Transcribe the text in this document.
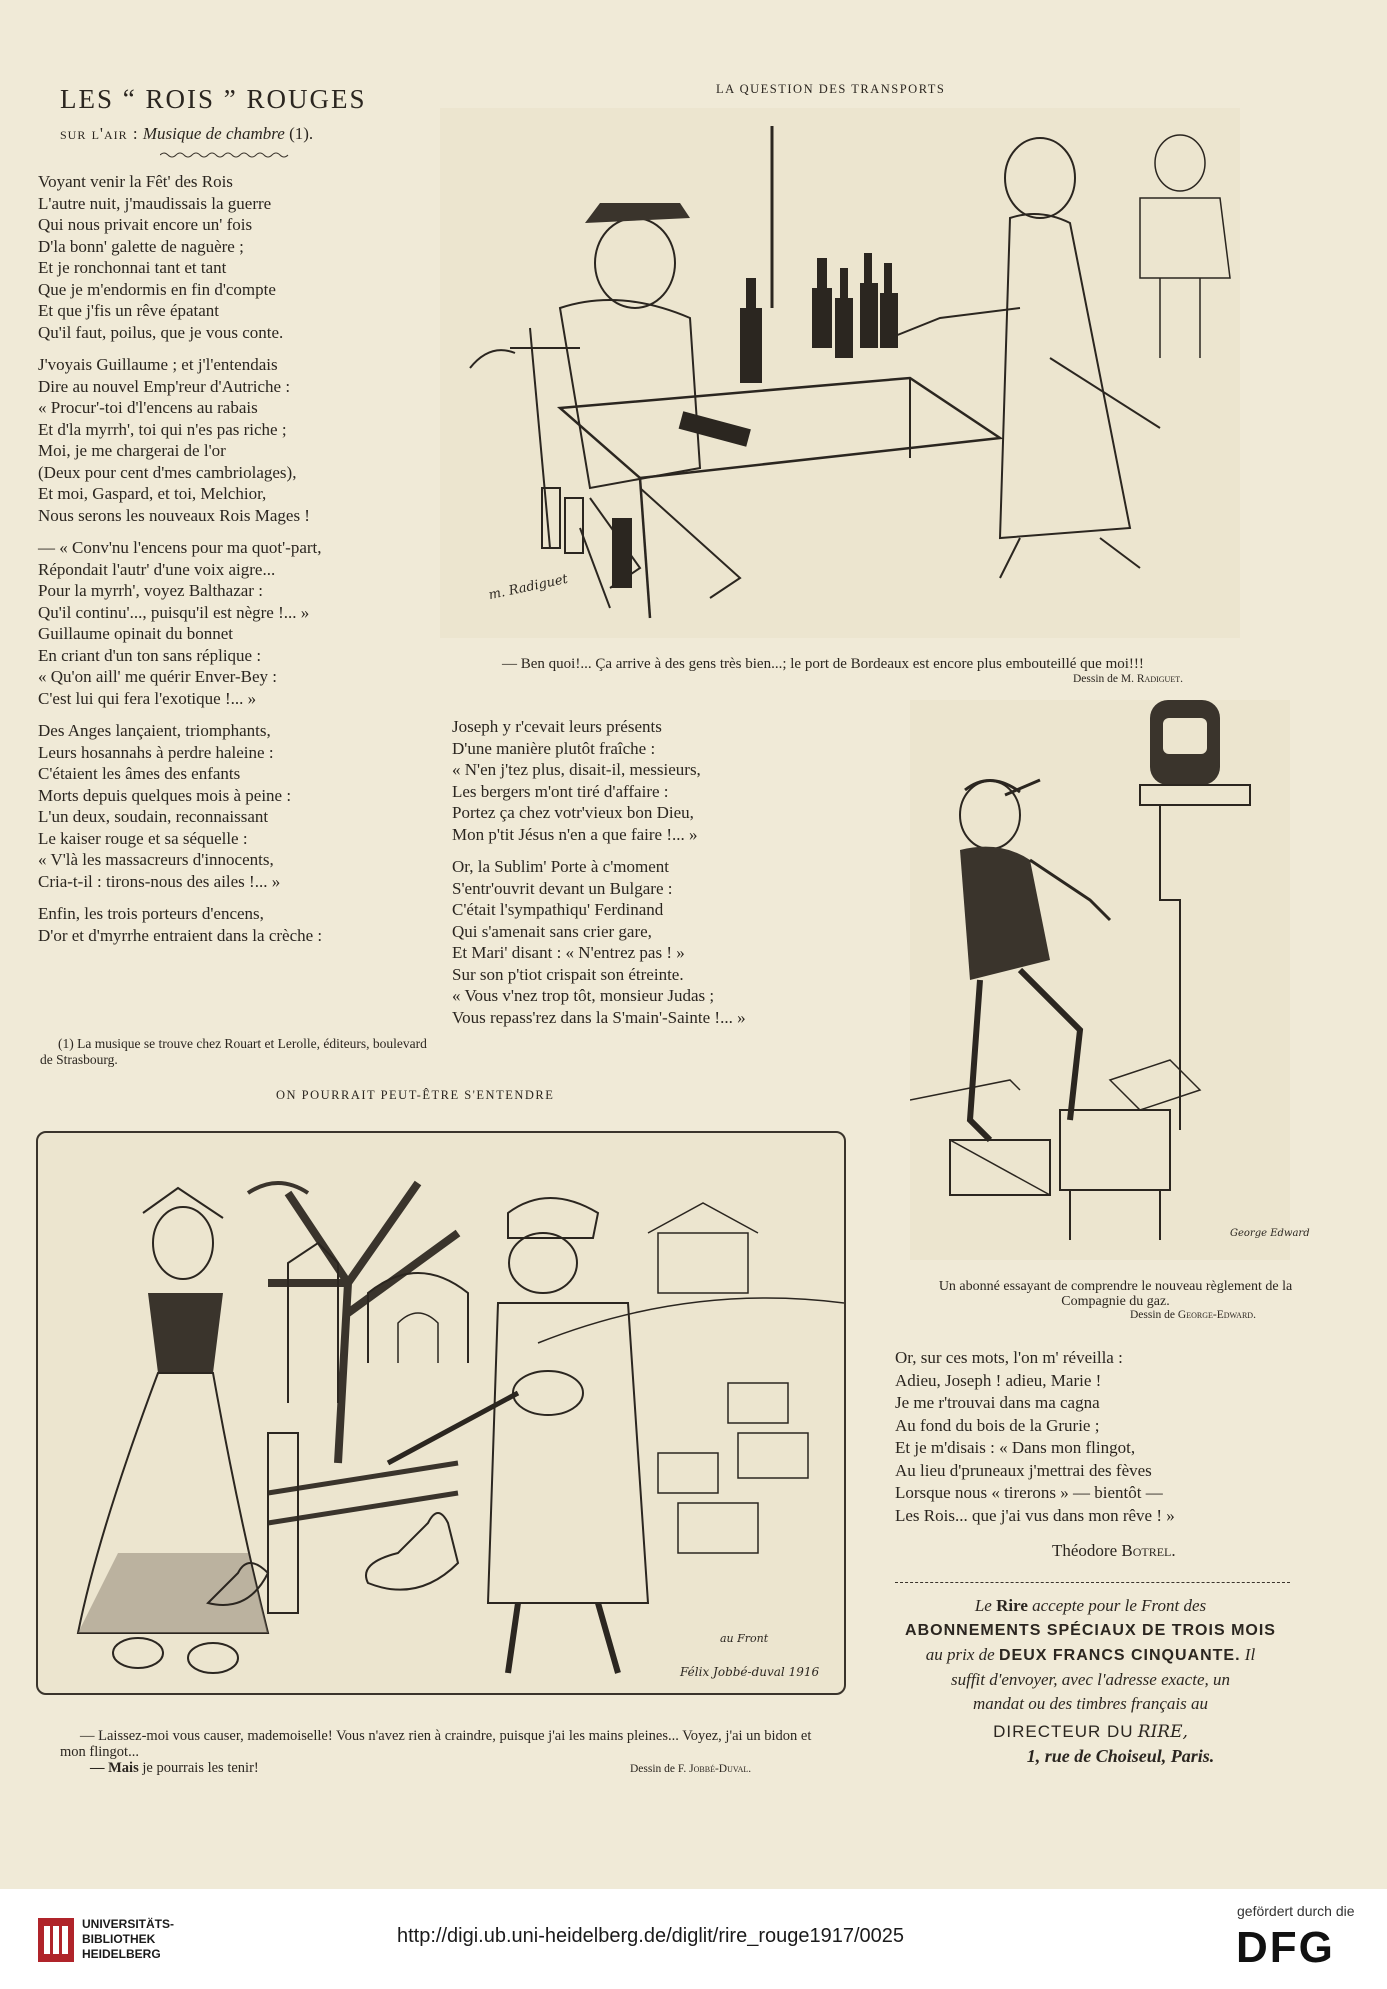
LES “ ROIS ” ROUGES
sur l'air : Musique de chambre (1).

Voyant venir la Fêt' des Rois
L'autre nuit, j'maudissais la guerre
Qui nous privait encore un' fois
D'la bonn' galette de naguère ;
Et je ronchonnai tant et tant
Que je m'endormis en fin d'compte
Et que j'fis un rêve épatant
Qu'il faut, poilus, que je vous conte.

J'voyais Guillaume ; et j'l'entendais
Dire au nouvel Emp'reur d'Autriche :
« Procur'-toi d'l'encens au rabais
Et d'la myrrh', toi qui n'es pas riche ;
Moi, je me chargerai de l'or
(Deux pour cent d'mes cambriolages),
Et moi, Gaspard, et toi, Melchior,
Nous serons les nouveaux Rois Mages !

— « Conv'nu l'encens pour ma quot'-part,
Répondait l'autr' d'une voix aigre...
Pour la myrrh', voyez Balthazar :
Qu'il continu'..., puisqu'il est nègre !... »
Guillaume opinait du bonnet
En criant d'un ton sans réplique :
« Qu'on aill' me quérir Enver-Bey :
C'est lui qui fera l'exotique !... »

Des Anges lançaient, triomphants,
Leurs hosannahs à perdre haleine :
C'étaient les âmes des enfants
Morts depuis quelques mois à peine :
L'un deux, soudain, reconnaissant
Le kaiser rouge et sa séquelle :
« V'là les massacreurs d'innocents,
Cria-t-il : tirons-nous des ailes !... »

Enfin, les trois porteurs d'encens,
D'or et d'myrrhe entraient dans la crèche :

(1) La musique se trouve chez Rouart et Lerolle, éditeurs, boulevard de Strasbourg.

Joseph y r'cevait leurs présents
D'une manière plutôt fraîche :
« N'en j'tez plus, disait-il, messieurs,
Les bergers m'ont tiré d'affaire :
Portez ça chez votr'vieux bon Dieu,
Mon p'tit Jésus n'en a que faire !... »

Or, la Sublim' Porte à c'moment
S'entr'ouvrit devant un Bulgare :
C'était l'sympathiqu' Ferdinand
Qui s'amenait sans crier gare,
Et Mari' disant : « N'entrez pas ! »
Sur son p'tiot crispait son étreinte.
« Vous v'nez trop tôt, monsieur Judas ;
Vous repass'rez dans la S'main'-Sainte !... »

LA QUESTION DES TRANSPORTS
m. Radiguet
— Ben quoi!... Ça arrive à des gens très bien...; le port de Bordeaux est encore plus embouteillé que moi!!!
Dessin de M. Radiguet.
George Edward
Un abonné essayant de comprendre le nouveau règlement de la Compagnie du gaz.
Dessin de George-Edward.

Or, sur ces mots, l'on m' réveilla :
Adieu, Joseph ! adieu, Marie !
Je me r'trouvai dans ma cagna
Au fond du bois de la Grurie ;
Et je m'disais : « Dans mon flingot,
Au lieu d'pruneaux j'mettrai des fèves
Lorsque nous « tirerons » — bientôt —
Les Rois... que j'ai vus dans mon rêve ! »

Théodore Botrel.
Le Rire accepte pour le Front des
ABONNEMENTS SPÉCIAUX DE TROIS MOIS
au prix de DEUX FRANCS CINQUANTE. Il
suffit d'envoyer, avec l'adresse exacte, un
mandat ou des timbres français au
DIRECTEUR DU RIRE,
1, rue de Choiseul, Paris.
ON POURRAIT PEUT-ÊTRE S'ENTENDRE
au Front
Félix Jobbé-duval 1916
— Laissez-moi vous causer, mademoiselle! Vous n'avez rien à craindre, puisque j'ai les mains pleines... Voyez, j'ai un bidon et mon flingot...
— Mais je pourrais les tenir!	Dessin de F. Jobbé-Duval.
UNIVERSITÄTS-
BIBLIOTHEK
HEIDELBERG
http://digi.ub.uni-heidelberg.de/diglit/rire_rouge1917/0025
gefördert durch die
DFG
